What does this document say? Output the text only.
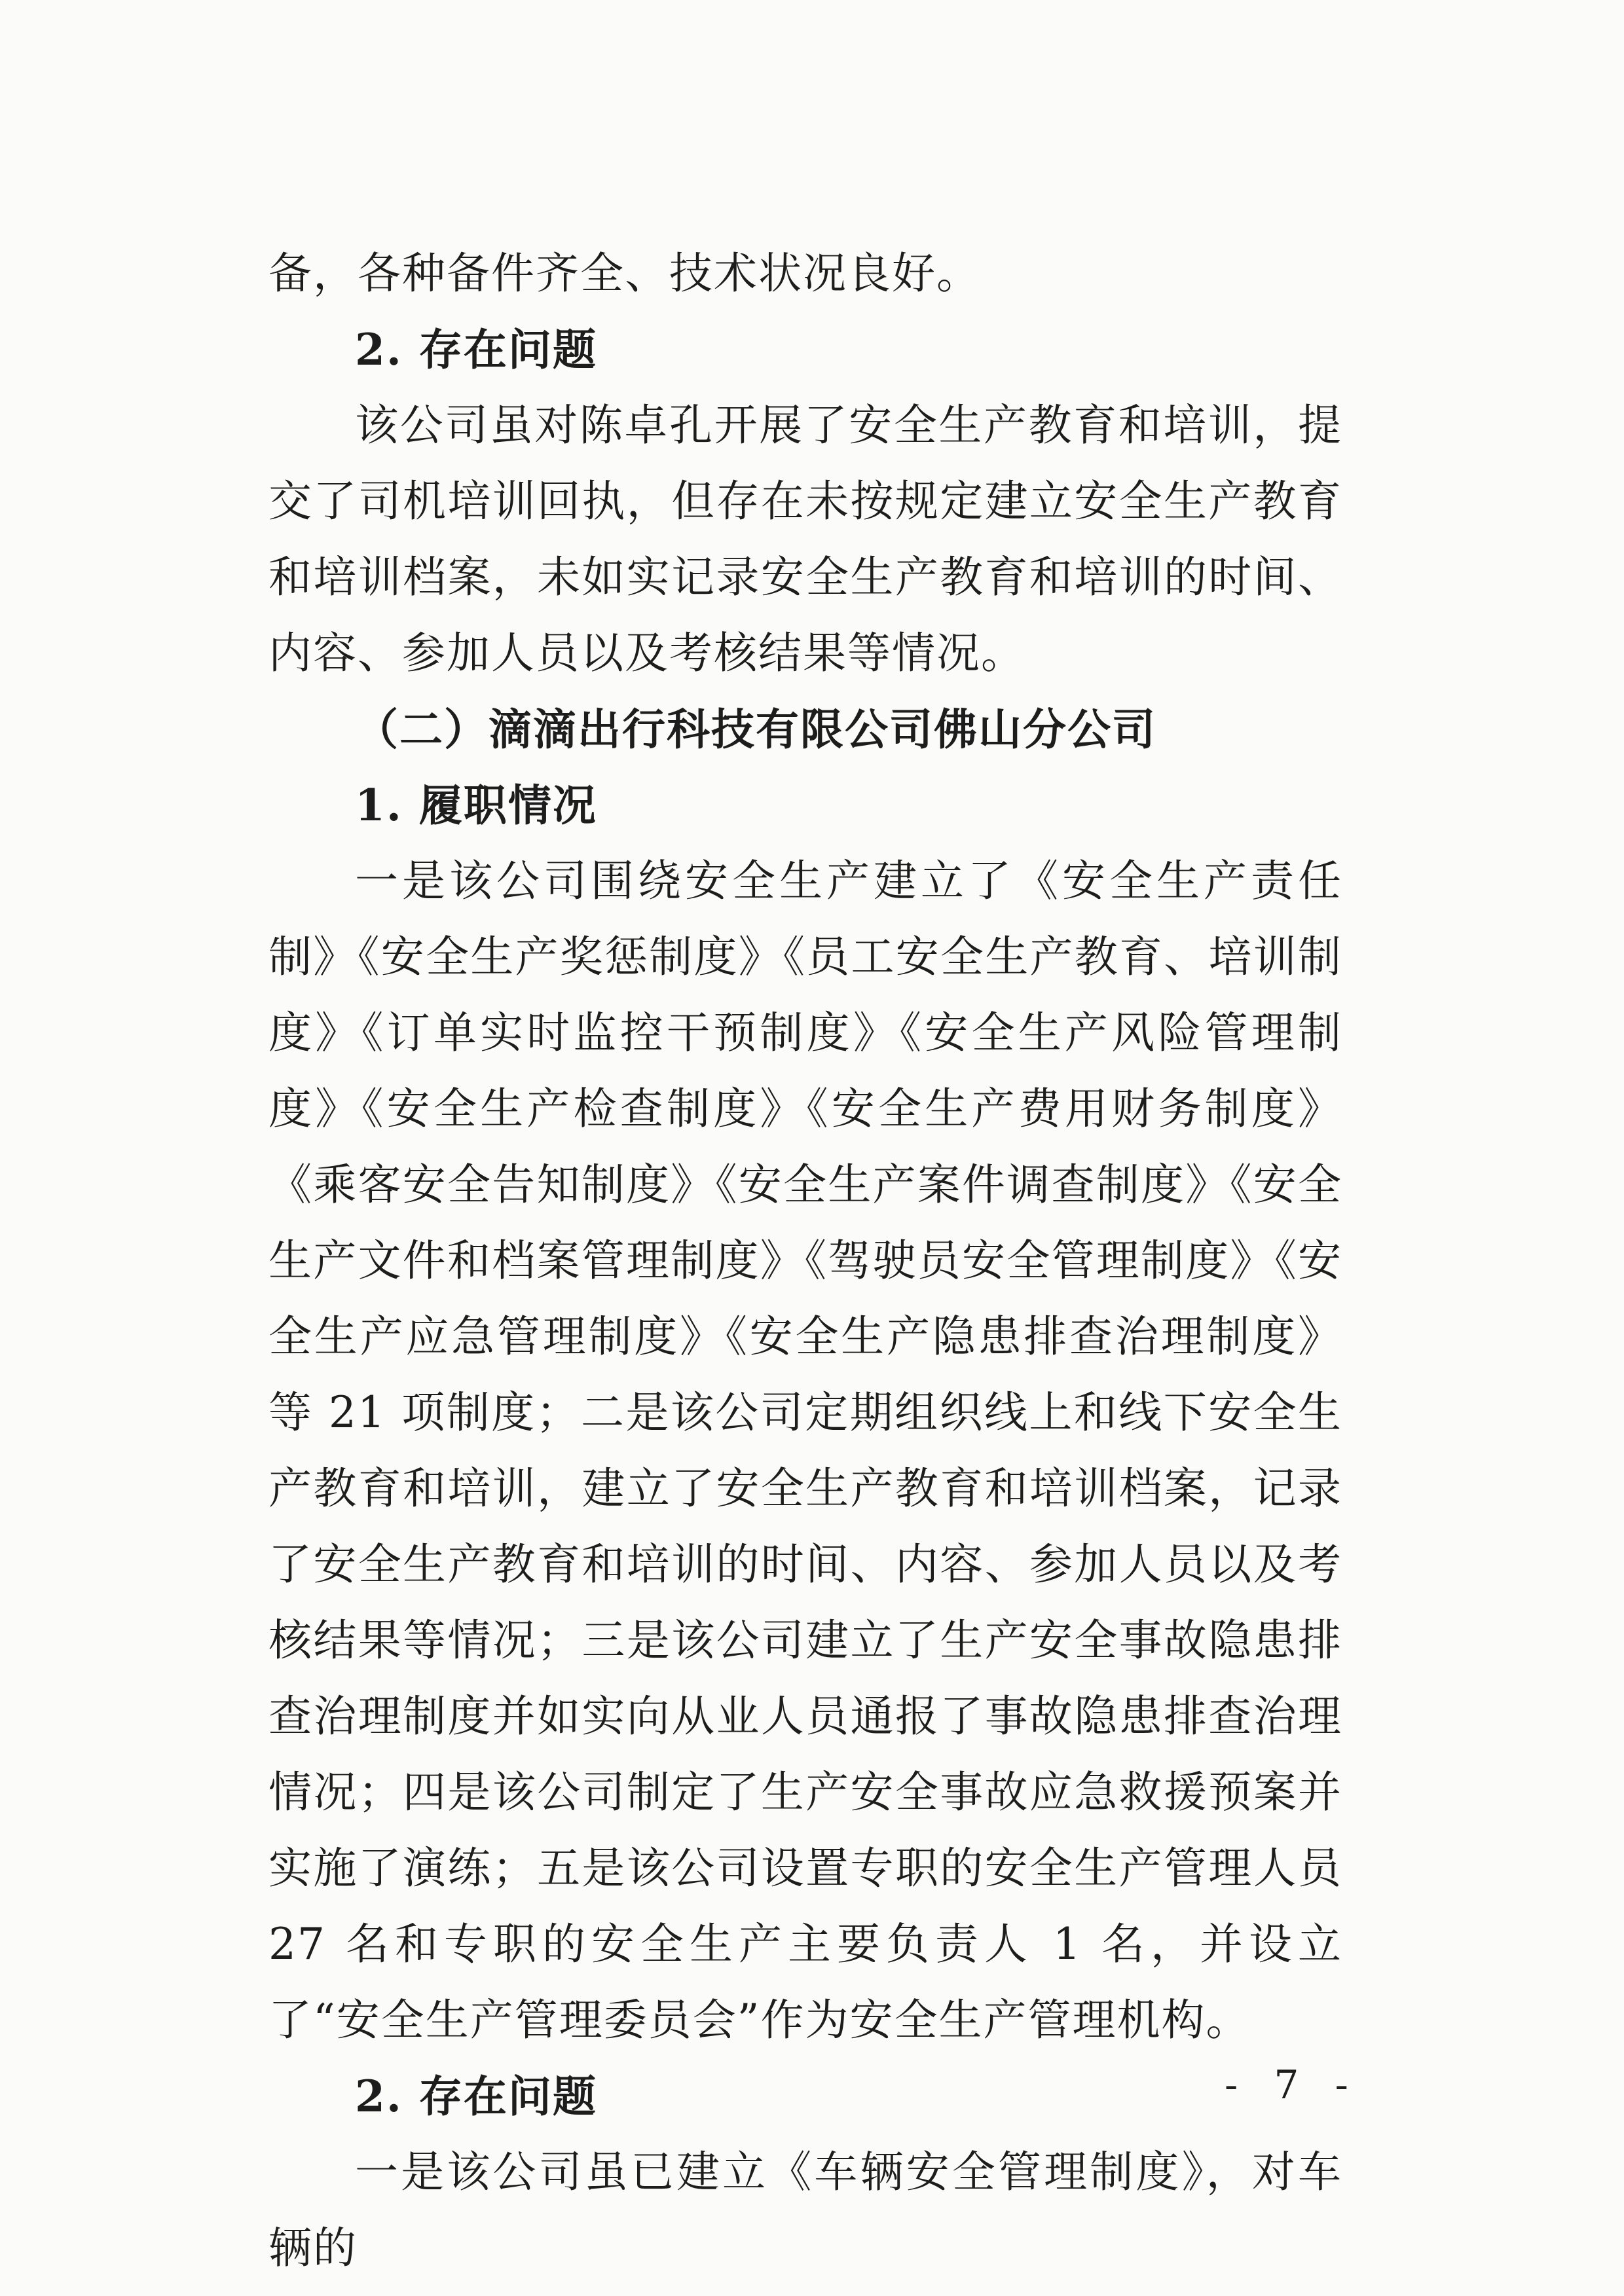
备，各种备件齐全、技术状况良好。

2. 存在问题

该公司虽对陈卓孔开展了安全生产教育和培训，提交了司机培训回执，但存在未按规定建立安全生产教育和培训档案，未如实记录安全生产教育和培训的时间、内容、参加人员以及考核结果等情况。

（二）滴滴出行科技有限公司佛山分公司

1. 履职情况

一是该公司围绕安全生产建立了《安全生产责任制》《安全生产奖惩制度》《员工安全生产教育、培训制度》《订单实时监控干预制度》《安全生产风险管理制度》《安全生产检查制度》《安全生产费用财务制度》《乘客安全告知制度》《安全生产案件调查制度》《安全生产文件和档案管理制度》《驾驶员安全管理制度》《安全生产应急管理制度》《安全生产隐患排查治理制度》等 21 项制度；二是该公司定期组织线上和线下安全生产教育和培训，建立了安全生产教育和培训档案，记录了安全生产教育和培训的时间、内容、参加人员以及考核结果等情况；三是该公司建立了生产安全事故隐患排查治理制度并如实向从业人员通报了事故隐患排查治理情况；四是该公司制定了生产安全事故应急救援预案并实施了演练；五是该公司设置专职的安全生产管理人员 27 名和专职的安全生产主要负责人 1 名，并设立了“安全生产管理委员会”作为安全生产管理机构。

2. 存在问题

一是该公司虽已建立《车辆安全管理制度》，对车辆的

- 7 -
